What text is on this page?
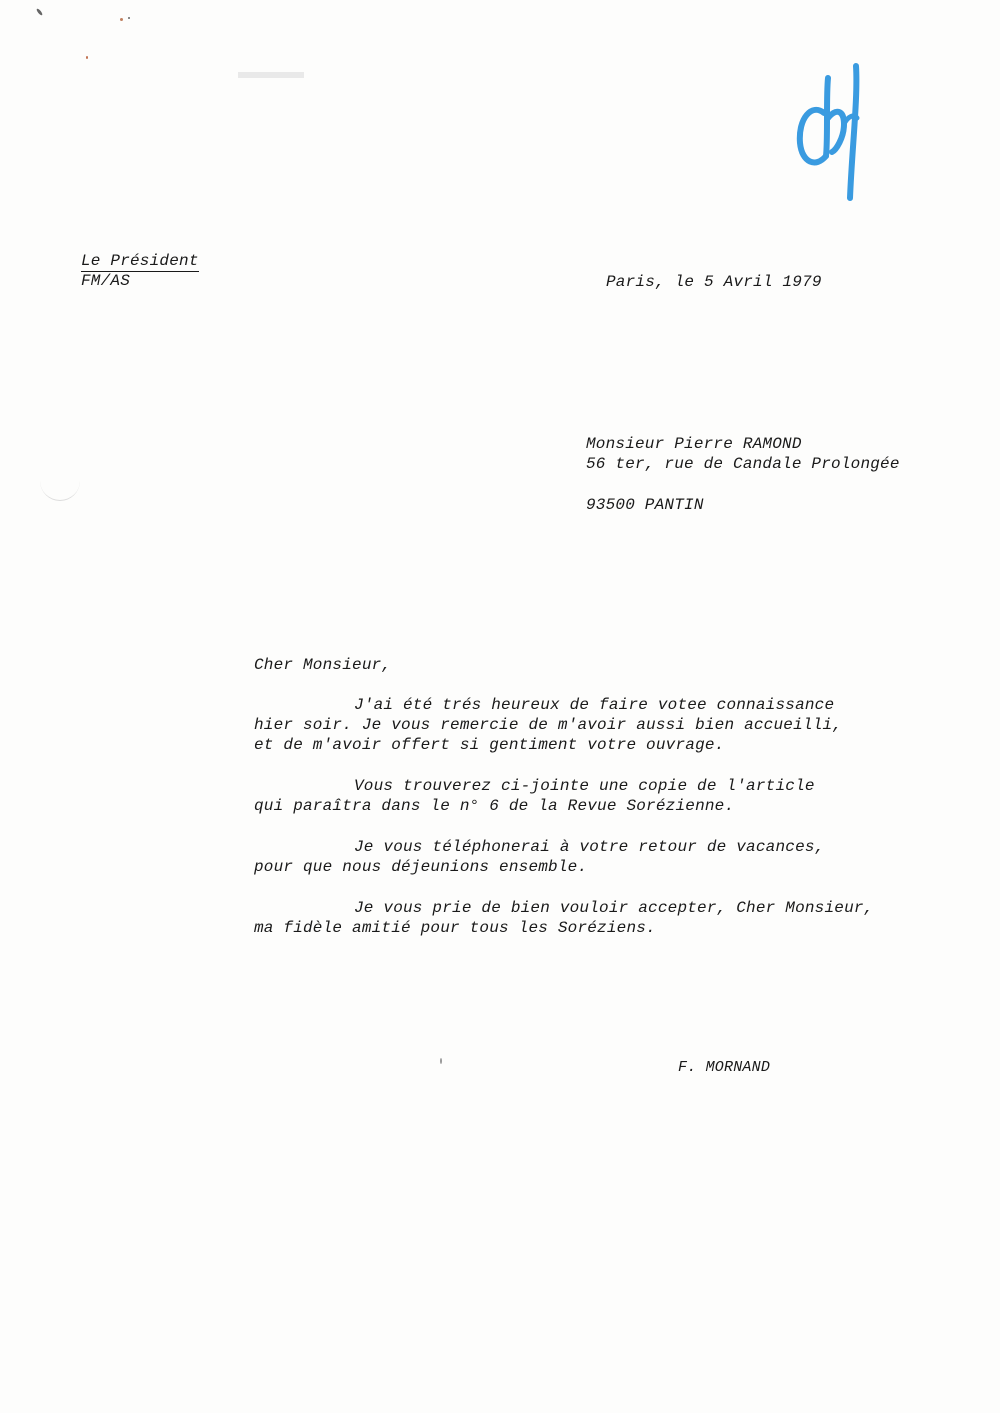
Le Président
FM/AS	Paris, le 5 Avril 1979
Monsieur Pierre RAMOND
56 ter, rue de Candale Prolongée
93500 PANTIN
Cher Monsieur,
J'ai été trés heureux de faire votee connaissance
hier soir. Je vous remercie de m'avoir aussi bien accueilli,
et de m'avoir offert si gentiment votre ouvrage.
Vous trouverez ci-jointe une copie de l'article
qui paraîtra dans le n° 6 de la Revue Sorézienne.
Je vous téléphonerai à votre retour de vacances,
pour que nous déjeunions ensemble.
Je vous prie de bien vouloir accepter, Cher Monsieur,
ma fidèle amitié pour tous les Soréziens.
F. MORNAND
